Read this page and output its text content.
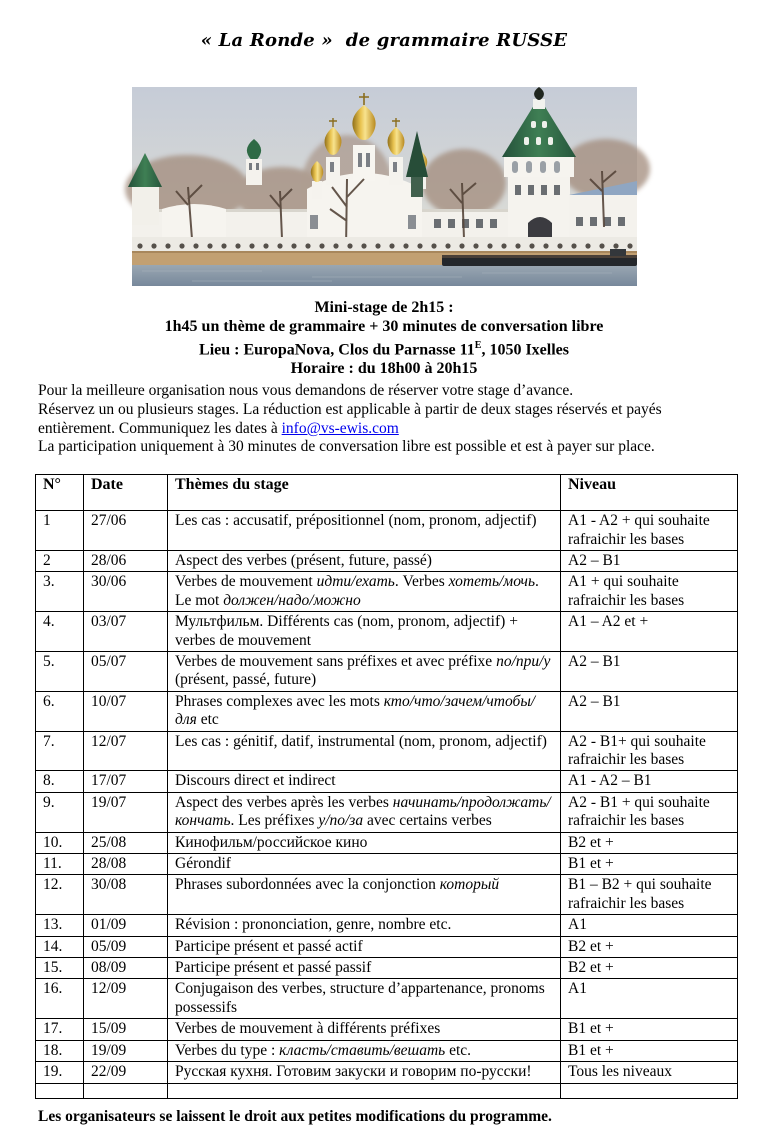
« La Ronde »  de grammaire RUSSE

Mini-stage de 2h15 :

1h45 un thème de grammaire + 30 minutes de conversation libre

Lieu : EuropaNova, Clos du Parnasse $11^E$, 1050 Ixelles

Horaire : du 18h00 à 20h15

Pour la meilleure organisation nous vous demandons de réserver votre stage d’avance.

Réservez un ou plusieurs stages. La réduction est applicable à partir de deux stages réservés et payés entièrement. Communiquez les dates à info@vs-ewis.com

La participation uniquement à 30 minutes de conversation libre est possible et est à payer sur place.

N°	Date	Thèmes du stage	Niveau
1	27/06	Les cas : accusatif, prépositionnel (nom, pronom, adjectif)	A1 - A2 + qui souhaite rafraichir les bases
2	28/06	Aspect des verbes (présent, future, passé)	A2 – B1
3.	30/06	Verbes de mouvement идти/ехать. Verbes хотеть/мочь. Le mot должен/надо/можно	A1 + qui souhaite rafraichir les bases
4.	03/07	Мультфильм. Différents cas (nom, pronom, adjectif) + verbes de mouvement	A1 – A2 et +
5.	05/07	Verbes de mouvement sans préfixes et avec préfixe по/при/у (présent, passé, future)	A2 – B1
6.	10/07	Phrases complexes avec les mots кто/что/зачем/чтобы/для etc	A2 – B1
7.	12/07	Les cas : génitif, datif, instrumental (nom, pronom, adjectif)	A2 - B1+ qui souhaite rafraichir les bases
8.	17/07	Discours direct et indirect	A1 - A2 – B1
9.	19/07	Aspect des verbes après les verbes начинать/продолжать/кончать. Les préfixes у/по/за avec certains verbes	A2 - B1 + qui souhaite rafraichir les bases
10.	25/08	Кинофильм/российское кино	B2 et +
11.	28/08	Gérondif	B1 et +
12.	30/08	Phrases subordonnées avec la conjonction который	B1 – B2 + qui souhaite rafraichir les bases
13.	01/09	Révision : prononciation, genre, nombre etc.	A1
14.	05/09	Participe présent et passé actif	B2 et +
15.	08/09	Participe présent et passé passif	B2 et +
16.	12/09	Conjugaison des verbes, structure d’appartenance, pronoms possessifs	A1
17.	15/09	Verbes de mouvement à différents préfixes	B1 et +
18.	19/09	Verbes du type : класть/ставить/вешать etc.	B1 et +
19.	22/09	Русская кухня. Готовим закуски и говорим по-русски!	Tous les niveaux

Les organisateurs se laissent le droit aux petites modifications du programme.
